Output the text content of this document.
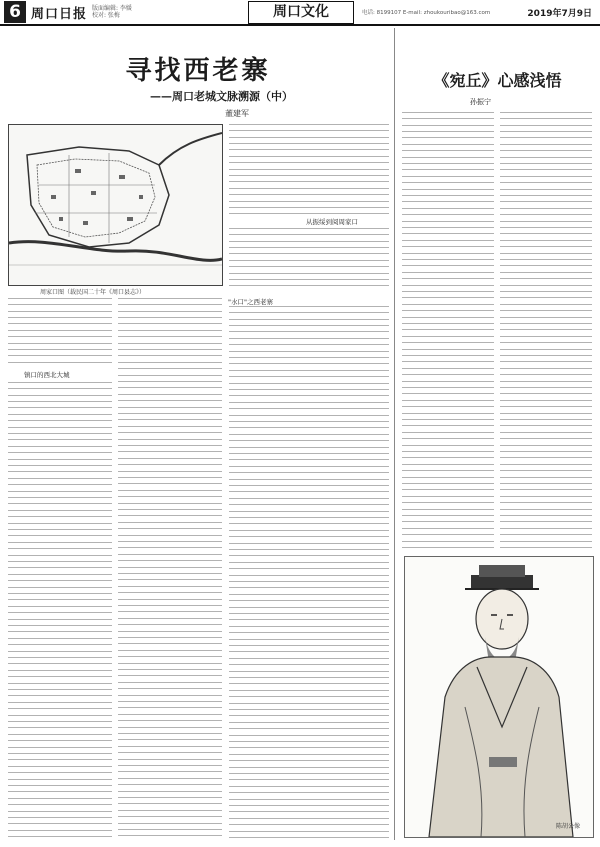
6 周口日报 版面编辑: 李媛
校对: 张梅	周口文化	电话: 8199107 E-mail: zhoukouribao@163.com	2019年7月9日
寻找西老寨
——周口老城文脉溯源（中）
董建军
周家口图（载民国二十年《周口县志》）
从振绥到阅周家口
"水口"之西老寨
镇口的西北大城
《宛丘》心感浅悟
孙振宁
陈胡公像
